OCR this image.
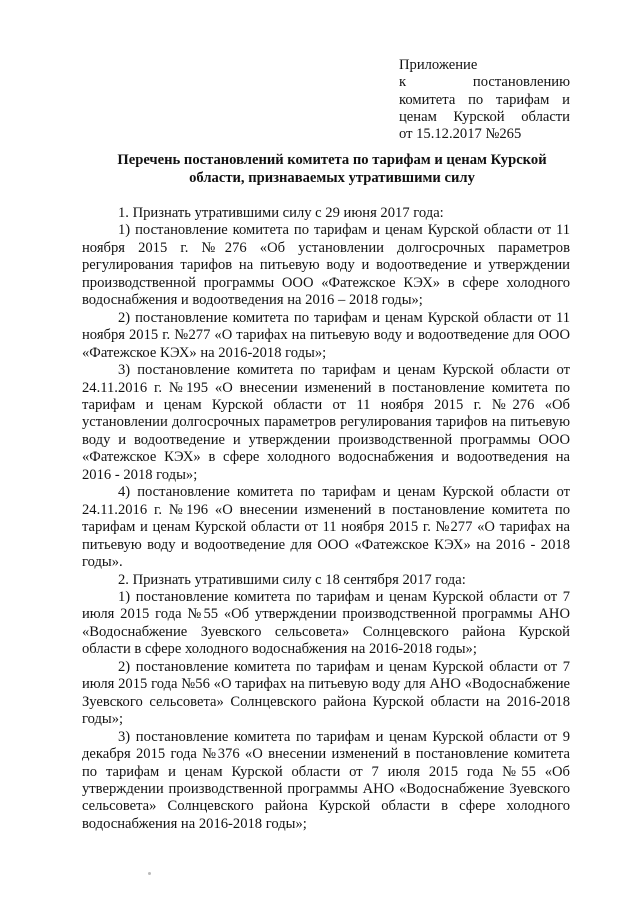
Приложение
к	постановлению
комитета по тарифам и
ценам Курской области
от 15.12.2017 №265
Перечень постановлений комитета по тарифам и ценам Курской
области, признаваемых утратившими силу

1. Признать утратившими силу с 29 июня 2017 года:

1) постановление комитета по тарифам и ценам Курской области от 11 ноября 2015 г. №276 «Об установлении долгосрочных параметров регулирования тарифов на питьевую воду и водоотведение и утверждении производственной программы ООО «Фатежское КЭХ» в сфере холодного водоснабжения и водоотведения на 2016 – 2018 годы»;

2) постановление комитета по тарифам и ценам Курской области от 11 ноября 2015 г. №277 «О тарифах на питьевую воду и водоотведение для ООО «Фатежское КЭХ» на 2016-2018 годы»;

3) постановление комитета по тарифам и ценам Курской области от 24.11.2016 г. №195 «О внесении изменений в постановление комитета по тарифам и ценам Курской области от 11 ноября 2015 г. №276 «Об установлении долгосрочных параметров регулирования тарифов на питьевую воду и водоотведение и утверждении производственной программы ООО «Фатежское КЭХ» в сфере холодного водоснабжения и водоотведения на 2016 - 2018 годы»;

4) постановление комитета по тарифам и ценам Курской области от 24.11.2016 г. №196 «О внесении изменений в постановление комитета по тарифам и ценам Курской области от 11 ноября 2015 г. №277 «О тарифах на питьевую воду и водоотведение для ООО «Фатежское КЭХ» на 2016 - 2018 годы».

2. Признать утратившими силу с 18 сентября 2017 года:

1) постановление комитета по тарифам и ценам Курской области от 7 июля 2015 года №55 «Об утверждении производственной программы АНО «Водоснабжение Зуевского сельсовета» Солнцевского района Курской области в сфере холодного водоснабжения на 2016-2018 годы»;

2) постановление комитета по тарифам и ценам Курской области от 7 июля 2015 года №56 «О тарифах на питьевую воду для АНО «Водоснабжение Зуевского сельсовета» Солнцевского района Курской области на 2016-2018 годы»;

3) постановление комитета по тарифам и ценам Курской области от 9 декабря 2015 года №376 «О внесении изменений в постановление комитета по тарифам и ценам Курской области от 7 июля 2015 года №55 «Об утверждении производственной программы АНО «Водоснабжение Зуевского сельсовета» Солнцевского района Курской области в сфере холодного водоснабжения на 2016-2018 годы»;
